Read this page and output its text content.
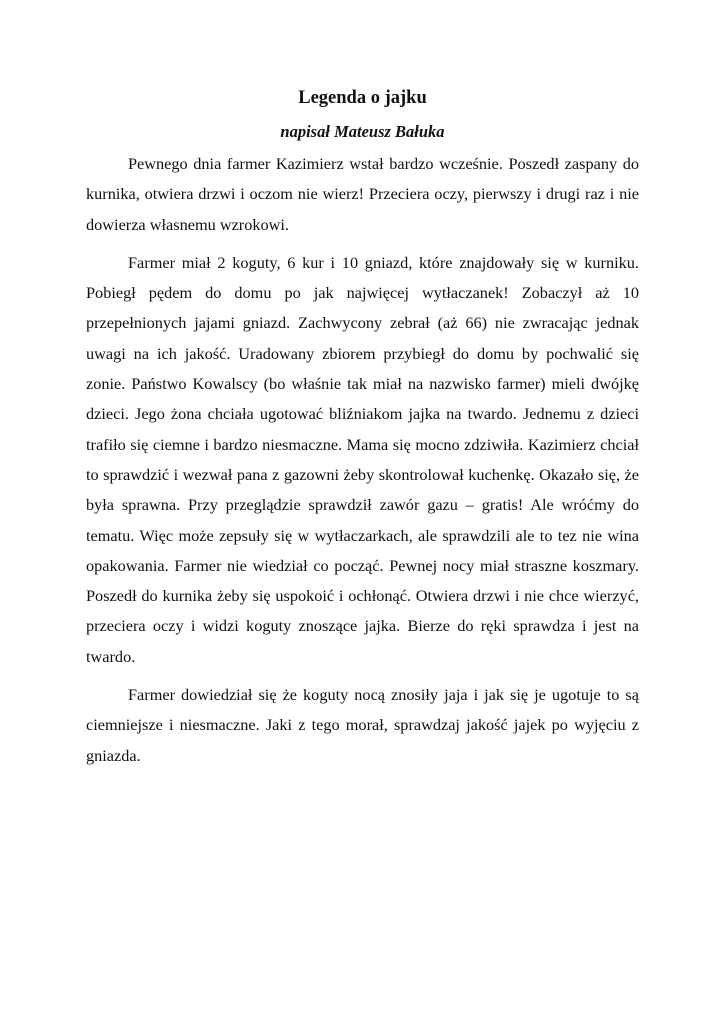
Legenda o jajku

napisał Mateusz Bałuka

Pewnego dnia farmer Kazimierz wstał bardzo wcześnie. Poszedł zaspany do kurnika, otwiera drzwi i oczom nie wierz! Przeciera oczy, pierwszy i drugi raz i nie dowierza własnemu wzrokowi.

Farmer miał 2 koguty, 6 kur i 10 gniazd, które znajdowały się w kurniku. Pobiegł pędem do domu po jak najwięcej wytłaczanek! Zobaczył aż 10 przepełnionych jajami gniazd. Zachwycony zebrał (aż 66) nie zwracając jednak uwagi na ich jakość. Uradowany zbiorem przybiegł do domu by pochwalić się zonie. Państwo Kowalscy (bo właśnie tak miał na nazwisko farmer) mieli dwójkę dzieci. Jego żona chciała ugotować bliźniakom jajka na twardo. Jednemu z dzieci trafiło się ciemne i bardzo niesmaczne. Mama się mocno zdziwiła. Kazimierz chciał to sprawdzić i wezwał pana z gazowni żeby skontrolował kuchenkę. Okazało się, że była sprawna. Przy przeglądzie sprawdził zawór gazu – gratis! Ale wróćmy do tematu. Więc może zepsuły się w wytłaczarkach, ale sprawdzili ale to tez nie wina opakowania. Farmer nie wiedział co począć. Pewnej nocy miał straszne koszmary. Poszedł do kurnika żeby się uspokoić i ochłonąć. Otwiera drzwi i nie chce wierzyć, przeciera oczy i widzi koguty znoszące jajka. Bierze do ręki sprawdza i jest na twardo.

Farmer dowiedział się że koguty nocą znosiły jaja i jak się je ugotuje to są ciemniejsze i niesmaczne. Jaki z tego morał, sprawdzaj jakość jajek po wyjęciu z gniazda.
